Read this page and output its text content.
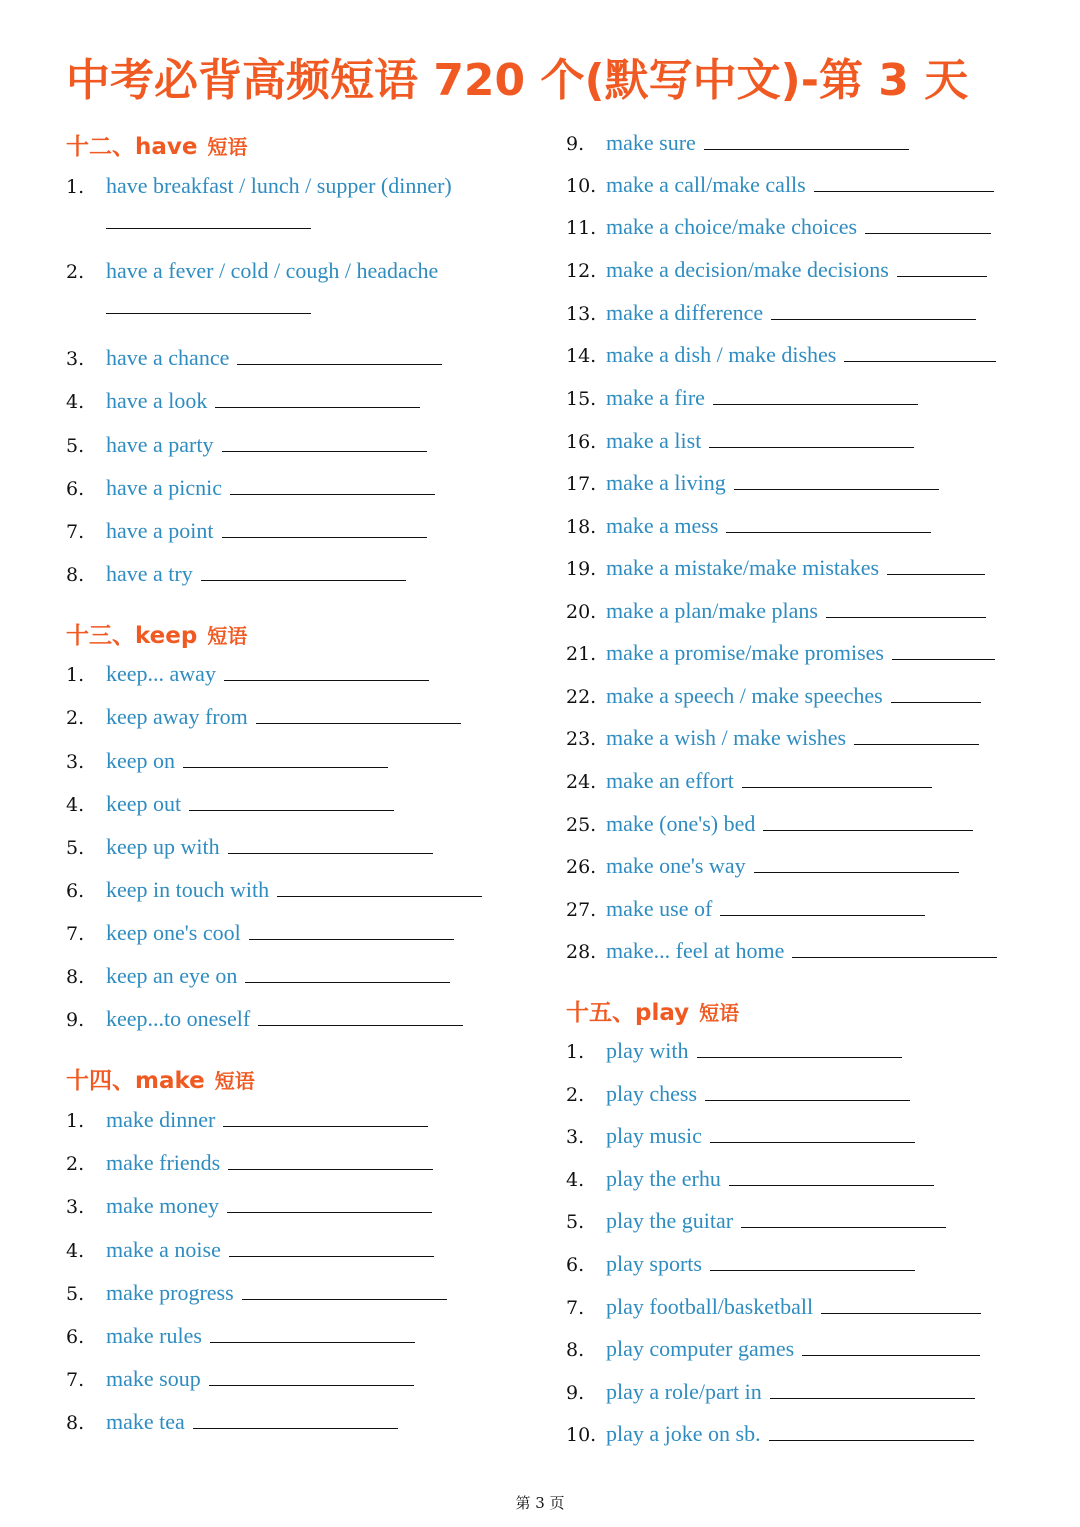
中考必背高频短语 720 个(默写中文)-第 3 天
十二、have 短语
1. have breakfast / lunch / supper (dinner)
2. have a fever / cold / cough / headache
3. have a chance
4. have a look
5. have a party
6. have a picnic
7. have a point
8. have a try
十三、keep 短语
1. keep... away
2. keep away from
3. keep on
4. keep out
5. keep up with
6. keep in touch with
7. keep one's cool
8. keep an eye on
9. keep...to oneself
十四、make 短语
1. make dinner
2. make friends
3. make money
4. make a noise
5. make progress
6. make rules
7. make soup
8. make tea
9. make sure
10. make a call/make calls
11. make a choice/make choices
12. make a decision/make decisions
13. make a difference
14. make a dish / make dishes
15. make a fire
16. make a list
17. make a living
18. make a mess
19. make a mistake/make mistakes
20. make a plan/make plans
21. make a promise/make promises
22. make a speech / make speeches
23. make a wish / make wishes
24. make an effort
25. make (one's) bed
26. make one's way
27. make use of
28. make... feel at home
十五、play 短语
1. play with
2. play chess
3. play music
4. play the erhu
5. play the guitar
6. play sports
7. play football/basketball
8. play computer games
9. play a role/part in
10. play a joke on sb.
第 3 页
